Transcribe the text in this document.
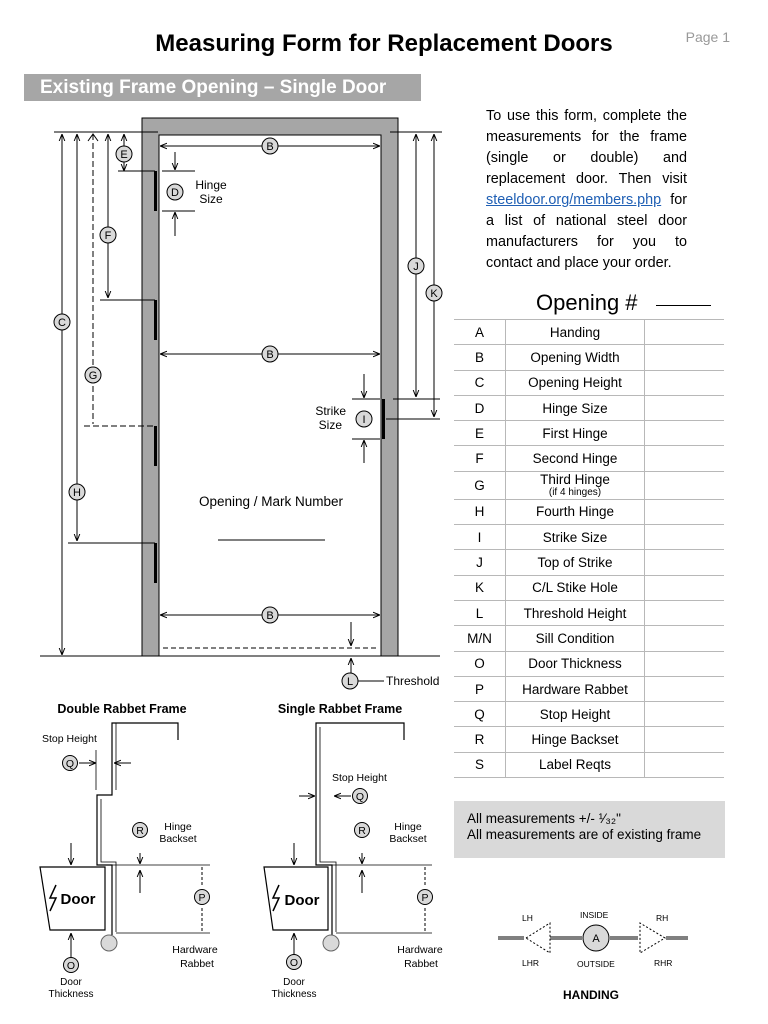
Measuring Form for Replacement Doors	Page 1
Existing Frame Opening – Single Door
To use this form, complete the measurements for the frame (single or double) and replacement door. Then visit steeldoor.org/members.php for a list of national steel door manufacturers for you to contact and place your order.
Opening #
A	Handing	
B	Opening Width	
C	Opening Height	
D	Hinge Size	
E	First Hinge	
F	Second Hinge	
G	Third Hinge
(if 4 hinges)	

H	Fourth Hinge	
I	Strike Size	
J	Top of Strike	
K	C/L Stike Hole	
L	Threshold Height	
M/N	Sill Condition	
O	Door Thickness	
P	Hardware Rabbet	
Q	Stop Height	
R	Hinge Backset	
S	Label Reqts	
All measurements +/- ¹⁄₃₂"
All measurements are of existing frame
B
B
B
C
H
G
F
E
D
J
K
I
L
Hinge
Size
Strike
Size
Opening / Mark Number
Threshold
Double Rabbet Frame
Stop Height
Hinge
Backset
Hardware
Rabbet
Door
Door
Thickness
Q
R
P
O
Single Rabbet Frame
Stop Height
Hinge
Backset
Hardware
Rabbet
Door
Door
Thickness
Q
R
P
O
A
LH	INSIDE	RH
LHR	OUTSIDE	RHR
HANDING
